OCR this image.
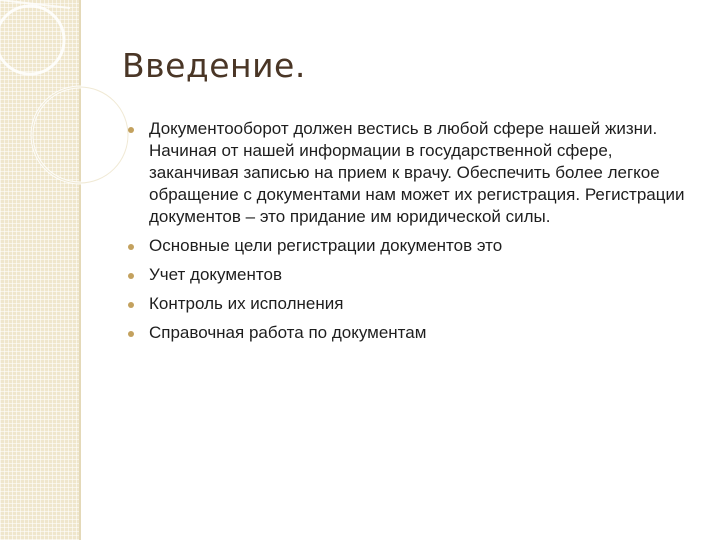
Введение.
Документооборот должен вестись в любой сфере нашей жизни. Начиная от нашей информации в государственной сфере, заканчивая записью на прием к врачу. Обеспечить более легкое обращение с документами нам может их регистрация. Регистрации документов – это придание им юридической силы.
Основные цели регистрации документов это
Учет документов
Контроль их исполнения
Справочная работа по документам
